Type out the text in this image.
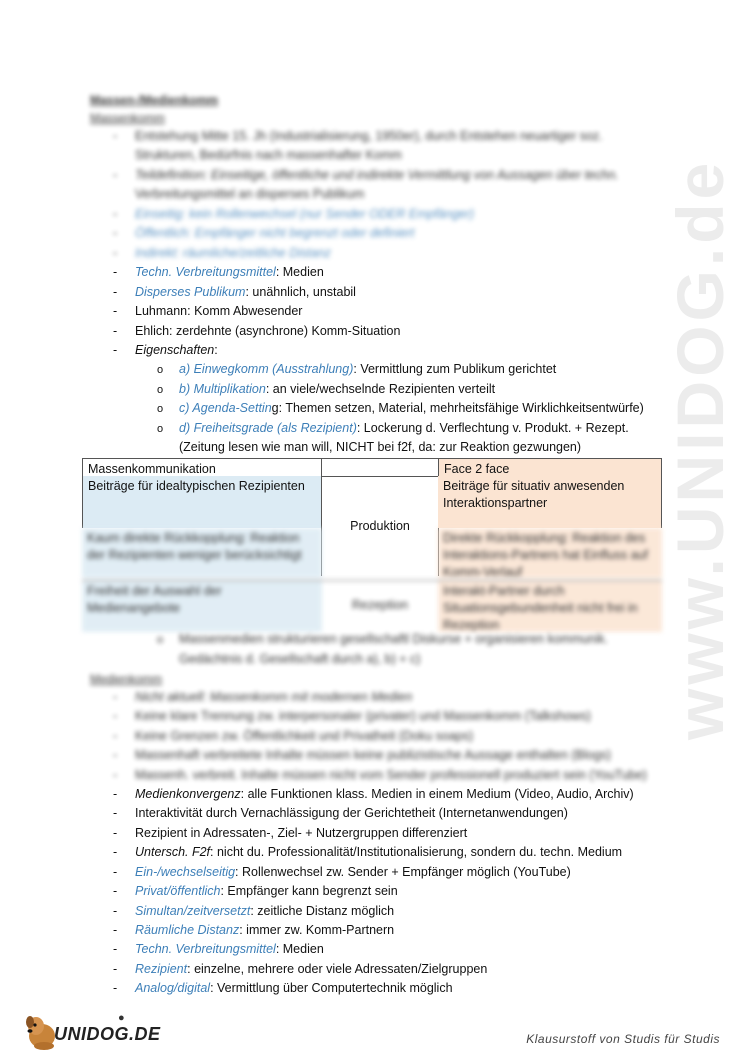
www.UNIDOG.de
Massen-/Medienkomm
Massenkomm
- Entstehung Mitte 15. Jh (Industrialisierung, 1950er), durch Entstehen neuartiger soz.
Strukturen, Bedürfnis nach massenhafter Komm
- Teildefinition: Einseitige, öffentliche und indirekte Vermittlung von Aussagen über techn.
Verbreitungsmittel an disperses Publikum
- Einseitig: kein Rollenwechsel (nur Sender ODER Empfänger)
- Öffentlich: Empfänger nicht begrenzt oder definiert
- Indirekt: räumliche/zeitliche Distanz
- Techn. Verbreitungsmittel: Medien
- Disperses Publikum: unähnlich, unstabil
- Luhmann: Komm Abwesender
- Ehlich: zerdehnte (asynchrone) Komm-Situation
- Eigenschaften:
o a) Einwegkomm (Ausstrahlung): Vermittlung zum Publikum gerichtet
o b) Multiplikation: an viele/wechselnde Rezipienten verteilt
o c) Agenda-Setting: Themen setzen, Material, mehrheitsfähige Wirklichkeitsentwürfe)
o d) Freiheitsgrade (als Rezipient): Lockerung d. Verflechtung v. Produkt. + Rezept.
(Zeitung lesen wie man will, NICHT bei f2f, da: zur Reaktion gezwungen)
Massenkommunikation	Face 2 face
Beiträge für idealtypischen Rezipienten
Produktion
Beiträge für situativ anwesenden Interaktionspartner
Kaum direkte Rückkopplung: Reaktion der Rezipienten weniger berücksichtigt
Direkte Rückkopplung: Reaktion des Interaktions-Partners hat Einfluss auf Komm-Verlauf
Freiheit der Auswahl der Medienangebote	Rezeption
Interakt-Partner durch Situationsgebundenheit nicht frei in Rezeption
o Massenmedien strukturieren gesellschaftl Diskurse + organisieren kommunik.
Gedächtnis d. Gesellschaft durch a), b) + c)
Medienkomm
- Nicht aktuell: Massenkomm mit modernen Medien
- Keine klare Trennung zw. interpersonaler (privater) und Massenkomm (Talkshows)
- Keine Grenzen zw. Öffentlichkeit und Privatheit (Doku soaps)
- Massenhaft verbreitete Inhalte müssen keine publizistische Aussage enthalten (Blogs)
- Massenh. verbreit. Inhalte müssen nicht vom Sender professionell produziert sein (YouTube)
- Medienkonvergenz: alle Funktionen klass. Medien in einem Medium (Video, Audio, Archiv)
- Interaktivität durch Vernachlässigung der Gerichtetheit (Internetanwendungen)
- Rezipient in Adressaten-, Ziel- + Nutzergruppen differenziert
- Untersch. F2f: nicht du. Professionalität/Institutionalisierung, sondern du. techn. Medium
- Ein-/wechselseitig: Rollenwechsel zw. Sender + Empfänger möglich (YouTube)
- Privat/öffentlich: Empfänger kann begrenzt sein
- Simultan/zeitversetzt: zeitliche Distanz möglich
- Räumliche Distanz: immer zw. Komm-Partnern
- Techn. Verbreitungsmittel: Medien
- Rezipient: einzelne, mehrere oder viele Adressaten/Zielgruppen
- Analog/digital: Vermittlung über Computertechnik möglich
UNIDOG.DE
●
Klausurstoff von Studis für Studis
